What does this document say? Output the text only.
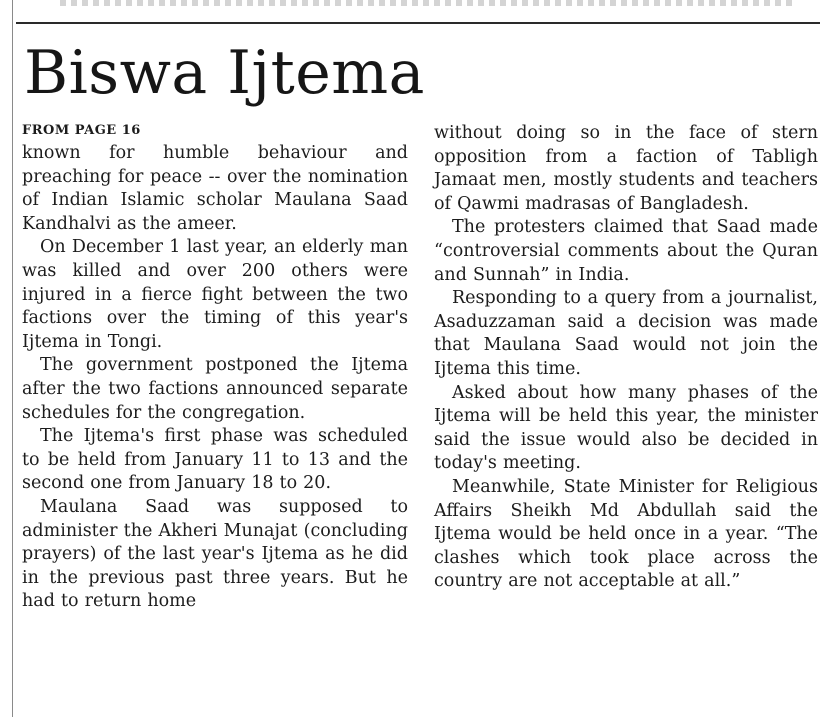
Biswa Ijtema
FROM PAGE 16

known for humble behaviour and preaching for peace -- over the nomination of Indian Islamic scholar Maulana Saad Kandhalvi as the ameer.

On December 1 last year, an elderly man was killed and over 200 others were injured in a fierce fight between the two factions over the timing of this year's Ijtema in Tongi.

The government postponed the Ijtema after the two factions announced separate schedules for the congregation.

The Ijtema's first phase was scheduled to be held from January 11 to 13 and the second one from January 18 to 20.

Maulana Saad was supposed to administer the Akheri Munajat (concluding prayers) of the last year's Ijtema as he did in the previous past three years. But he had to return home

without doing so in the face of stern opposition from a faction of Tabligh Jamaat men, mostly students and teachers of Qawmi madrasas of Bangladesh.

The protesters claimed that Saad made “controversial comments about the Quran and Sunnah” in India.

Responding to a query from a journalist, Asaduzzaman said a decision was made that Maulana Saad would not join the Ijtema this time.

Asked about how many phases of the Ijtema will be held this year, the minister said the issue would also be decided in today's meeting.

Meanwhile, State Minister for Religious Affairs Sheikh Md Abdullah said the Ijtema would be held once in a year. “The clashes which took place across the country are not acceptable at all.”
